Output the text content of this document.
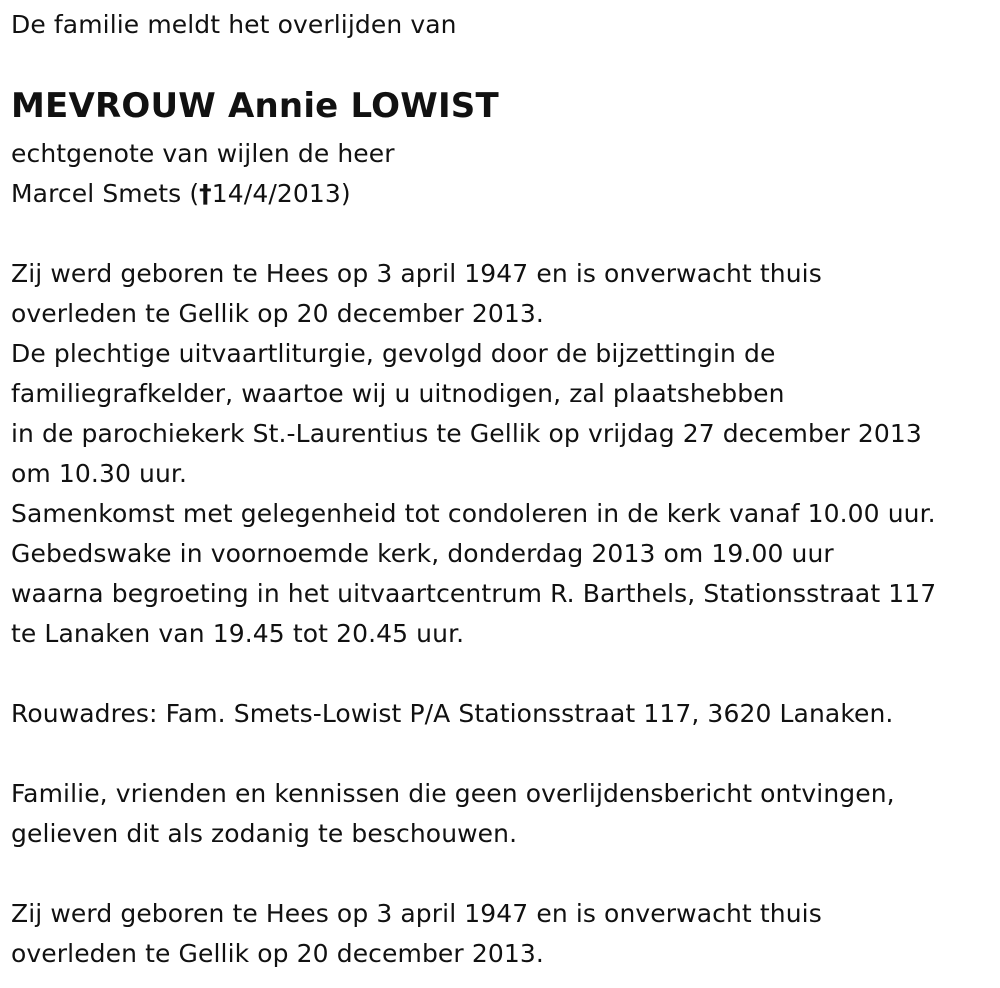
De familie meldt het overlijden van
MEVROUW Annie LOWIST
echtgenote van wijlen de heer
Marcel Smets (†14/4/2013)
Zij werd geboren te Hees op 3 april 1947 en is onverwacht thuis
overleden te Gellik op 20 december 2013.
De plechtige uitvaartliturgie, gevolgd door de bijzettingin de
familiegrafkelder, waartoe wij u uitnodigen, zal plaatshebben
in de parochiekerk St.-Laurentius te Gellik op vrijdag 27 december 2013
om 10.30 uur.
Samenkomst met gelegenheid tot condoleren in de kerk vanaf 10.00 uur.
Gebedswake in voornoemde kerk, donderdag 2013 om 19.00 uur
waarna begroeting in het uitvaartcentrum R. Barthels, Stationsstraat 117
te Lanaken van 19.45 tot 20.45 uur.
Rouwadres: Fam. Smets-Lowist P/A Stationsstraat 117, 3620 Lanaken.
Familie, vrienden en kennissen die geen overlijdensbericht ontvingen,
gelieven dit als zodanig te beschouwen.
Zij werd geboren te Hees op 3 april 1947 en is onverwacht thuis
overleden te Gellik op 20 december 2013.
